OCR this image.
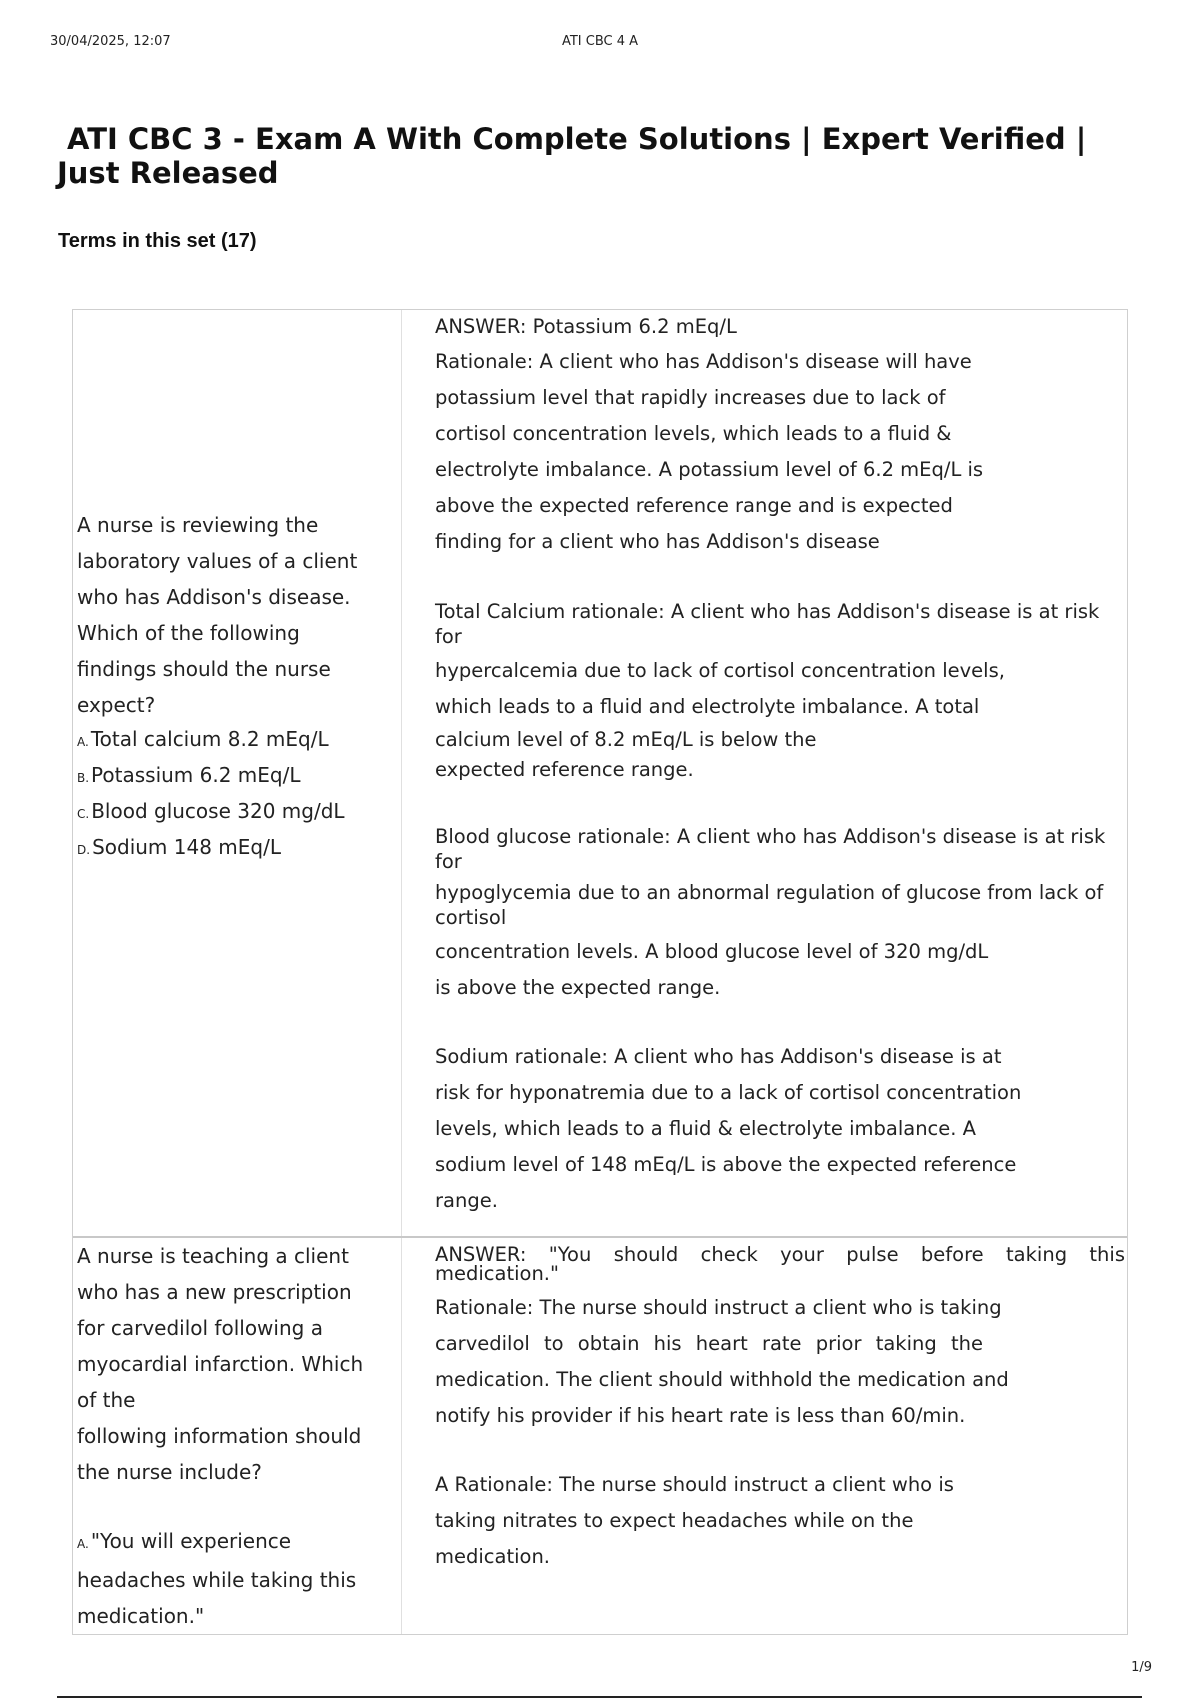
30/04/2025, 12:07	ATI CBC 4 A
ATI CBC 3 - Exam A With Complete Solutions | Expert Verified |
Just Released
Terms in this set (17)
A nurse is reviewing the
laboratory values of a client
who has Addison's disease.
Which of the following
findings should the nurse
expect?
A. Total calcium 8.2 mEq/L
B. Potassium 6.2 mEq/L
C. Blood glucose 320 mg/dL
D. Sodium 148 mEq/L
ANSWER: Potassium 6.2 mEq/L
Rationale: A client who has Addison's disease will have
potassium level that rapidly increases due to lack of
cortisol concentration levels, which leads to a fluid &
electrolyte imbalance. A potassium level of 6.2 mEq/L is
above the expected reference range and is expected
finding for a client who has Addison's disease
Total Calcium rationale: A client who has Addison's disease is at risk for
hypercalcemia due to lack of cortisol concentration levels,
which leads to a fluid and electrolyte imbalance. A total
calcium level of 8.2 mEq/L is below the
expected reference range.
Blood glucose rationale: A client who has Addison's disease is at risk for
hypoglycemia due to an abnormal regulation of glucose from lack of cortisol
concentration levels. A blood glucose level of 320 mg/dL
is above the expected range.
Sodium rationale: A client who has Addison's disease is at
risk for hyponatremia due to a lack of cortisol concentration
levels, which leads to a fluid & electrolyte imbalance. A
sodium level of 148 mEq/L is above the expected reference
range.
A nurse is teaching a client
who has a new prescription
for carvedilol following a
myocardial infarction. Which
of the
following information should
the nurse include?
A. "You will experience
headaches while taking this
medication."
ANSWER: "You should check your pulse before taking this
medication."
Rationale: The nurse should instruct a client who is taking
carvedilol to obtain his heart rate prior taking the
medication. The client should withhold the medication and
notify his provider if his heart rate is less than 60/min.
A Rationale: The nurse should instruct a client who is
taking nitrates to expect headaches while on the
medication.
1/9
